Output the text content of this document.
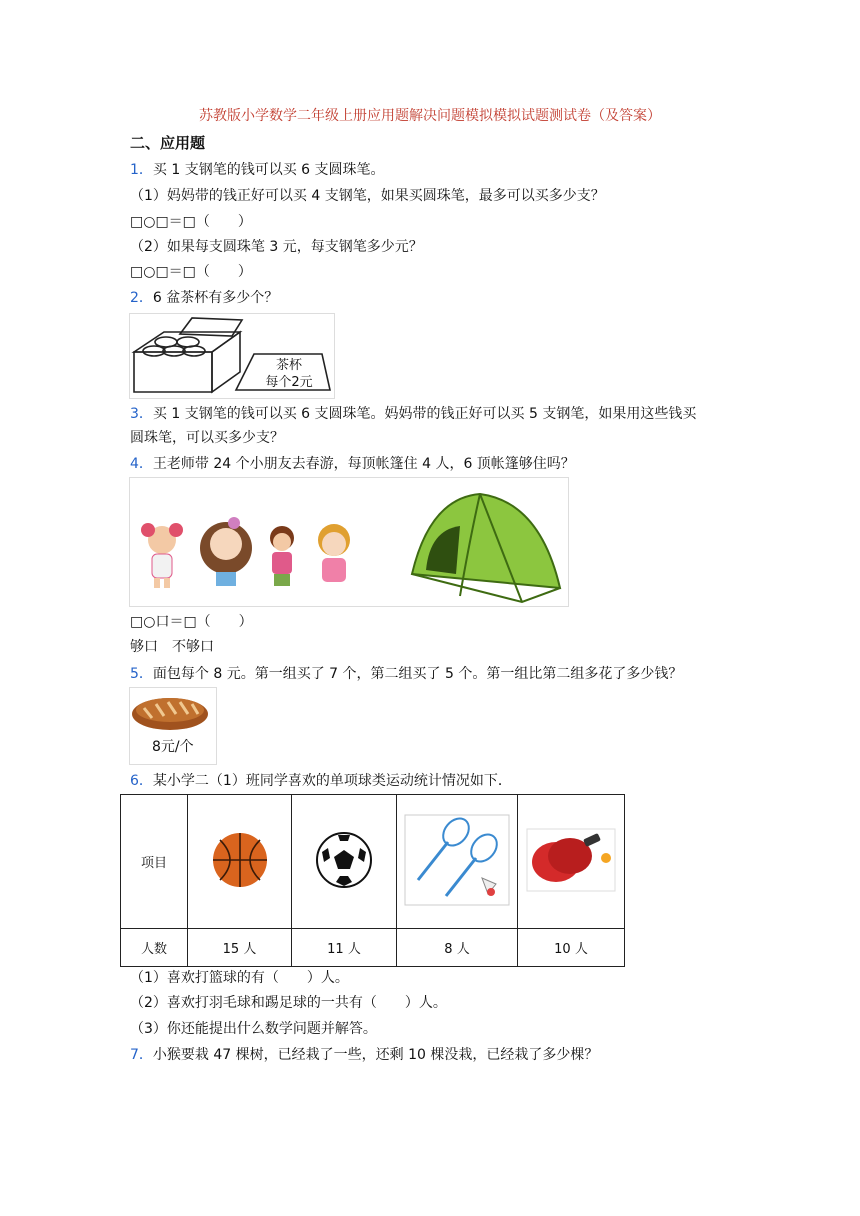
苏教版小学数学二年级上册应用题解决问题模拟模拟试题测试卷（及答案）
二、应用题
1．买 1 支钢笔的钱可以买 6 支圆珠笔。
（1）妈妈带的钱正好可以买 4 支钢笔，如果买圆珠笔，最多可以买多少支？
□○□＝□（　　）
（2）如果每支圆珠笔 3 元，每支钢笔多少元？
□○□＝□（　　）
2．6 盆茶杯有多少个？
茶杯
每个2元
3．买 1 支钢笔的钱可以买 6 支圆珠笔。妈妈带的钱正好可以买 5 支钢笔，如果用这些钱买
圆珠笔，可以买多少支？
4．王老师带 24 个小朋友去春游，每顶帐篷住 4 人，6 顶帐篷够住吗？
□○口＝□（　　）
够口　不够口
5．面包每个 8 元。第一组买了 7 个，第二组买了 5 个。第一组比第二组多花了多少钱？
8元/个
6．某小学二（1）班同学喜欢的单项球类运动统计情况如下．
项目				
人数	15 人	11 人	8 人	10 人
（1）喜欢打篮球的有（　　）人。
（2）喜欢打羽毛球和踢足球的一共有（　　）人。
（3）你还能提出什么数学问题并解答。
7．小猴要栽 47 棵树，已经栽了一些，还剩 10 棵没栽，已经栽了多少棵？
